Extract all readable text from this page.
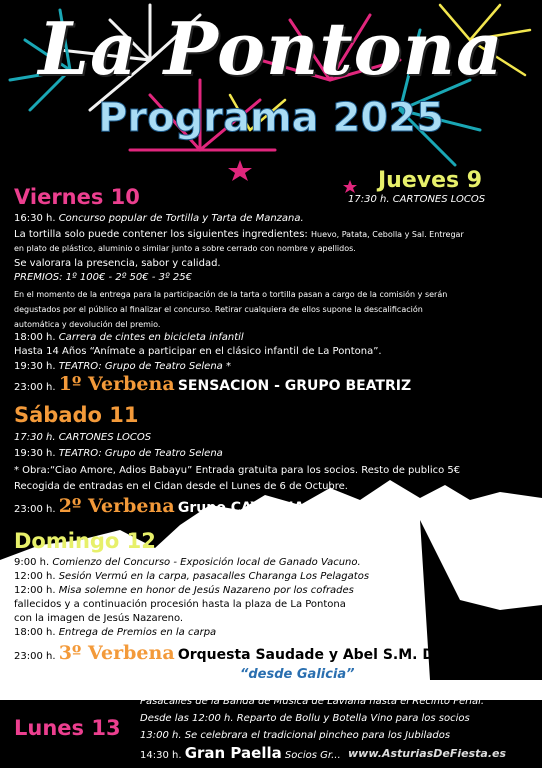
La Pontona
Programa 2025
Jueves 9
17:30 h. CARTONES LOCOS
Viernes 10
16:30 h. Concurso popular de Tortilla y Tarta de Manzana.
La tortilla solo puede contener los siguientes ingredientes: Huevo, Patata, Cebolla y Sal. Entregar
en plato de plástico, aluminio o similar junto a sobre cerrado con nombre y apellidos.
Se valorara la presencia, sabor y calidad.
PREMIOS: 1º 100€ - 2º 50€ - 3º 25€
En el momento de la entrega para la participación de la tarta o tortilla pasan a cargo de la comisión y serán
degustados por el público al finalizar el concurso. Retirar cualquiera de ellos supone la descalificación
automática y devolución del premio.
18:00 h. Carrera de cintes en bicicleta infantil
Hasta 14 Años “Anímate a participar en el clásico infantil de La Pontona”.
19:30 h. TEATRO: Grupo de Teatro Selena *
23:00 h. 1º Verbena SENSACION - GRUPO BEATRIZ
Sábado 11
17:30 h. CARTONES LOCOS
19:30 h. TEATRO: Grupo de Teatro Selena
* Obra:“Ciao Amore, Adios Babayu” Entrada gratuita para los socios. Resto de publico 5€
Recogida de entradas en el Cidan desde el Lunes de 6 de Octubre.
23:00 h. 2º Verbena Grupo CAYENNA y Abel S.M. DJ
Domingo 12
9:00 h. Comienzo del Concurso - Exposición local de Ganado Vacuno.
12:00 h. Sesión Vermú en la carpa, pasacalles Charanga Los Pelagatos
12:00 h. Misa solemne en honor de Jesús Nazareno por los cofrades
fallecidos y a continuación procesión hasta la plaza de La Pontona
con la imagen de Jesús Nazareno.
18:00 h. Entrega de Premios en la carpa
23:00 h. 3º Verbena Orquesta Saudade y Abel S.M. DJ
“desde Galicia”
Lunes 13
Pasacalles de la Banda de Música de Laviana hasta el Recinto Ferial.
Desde las 12:00 h. Reparto de Bollu y Botella Vino para los socios
13:00 h. Se celebrara el tradicional pincheo para los Jubilados
14:30 h. Gran Paella Socios Gr... www.AsturiasDeFiesta.es
